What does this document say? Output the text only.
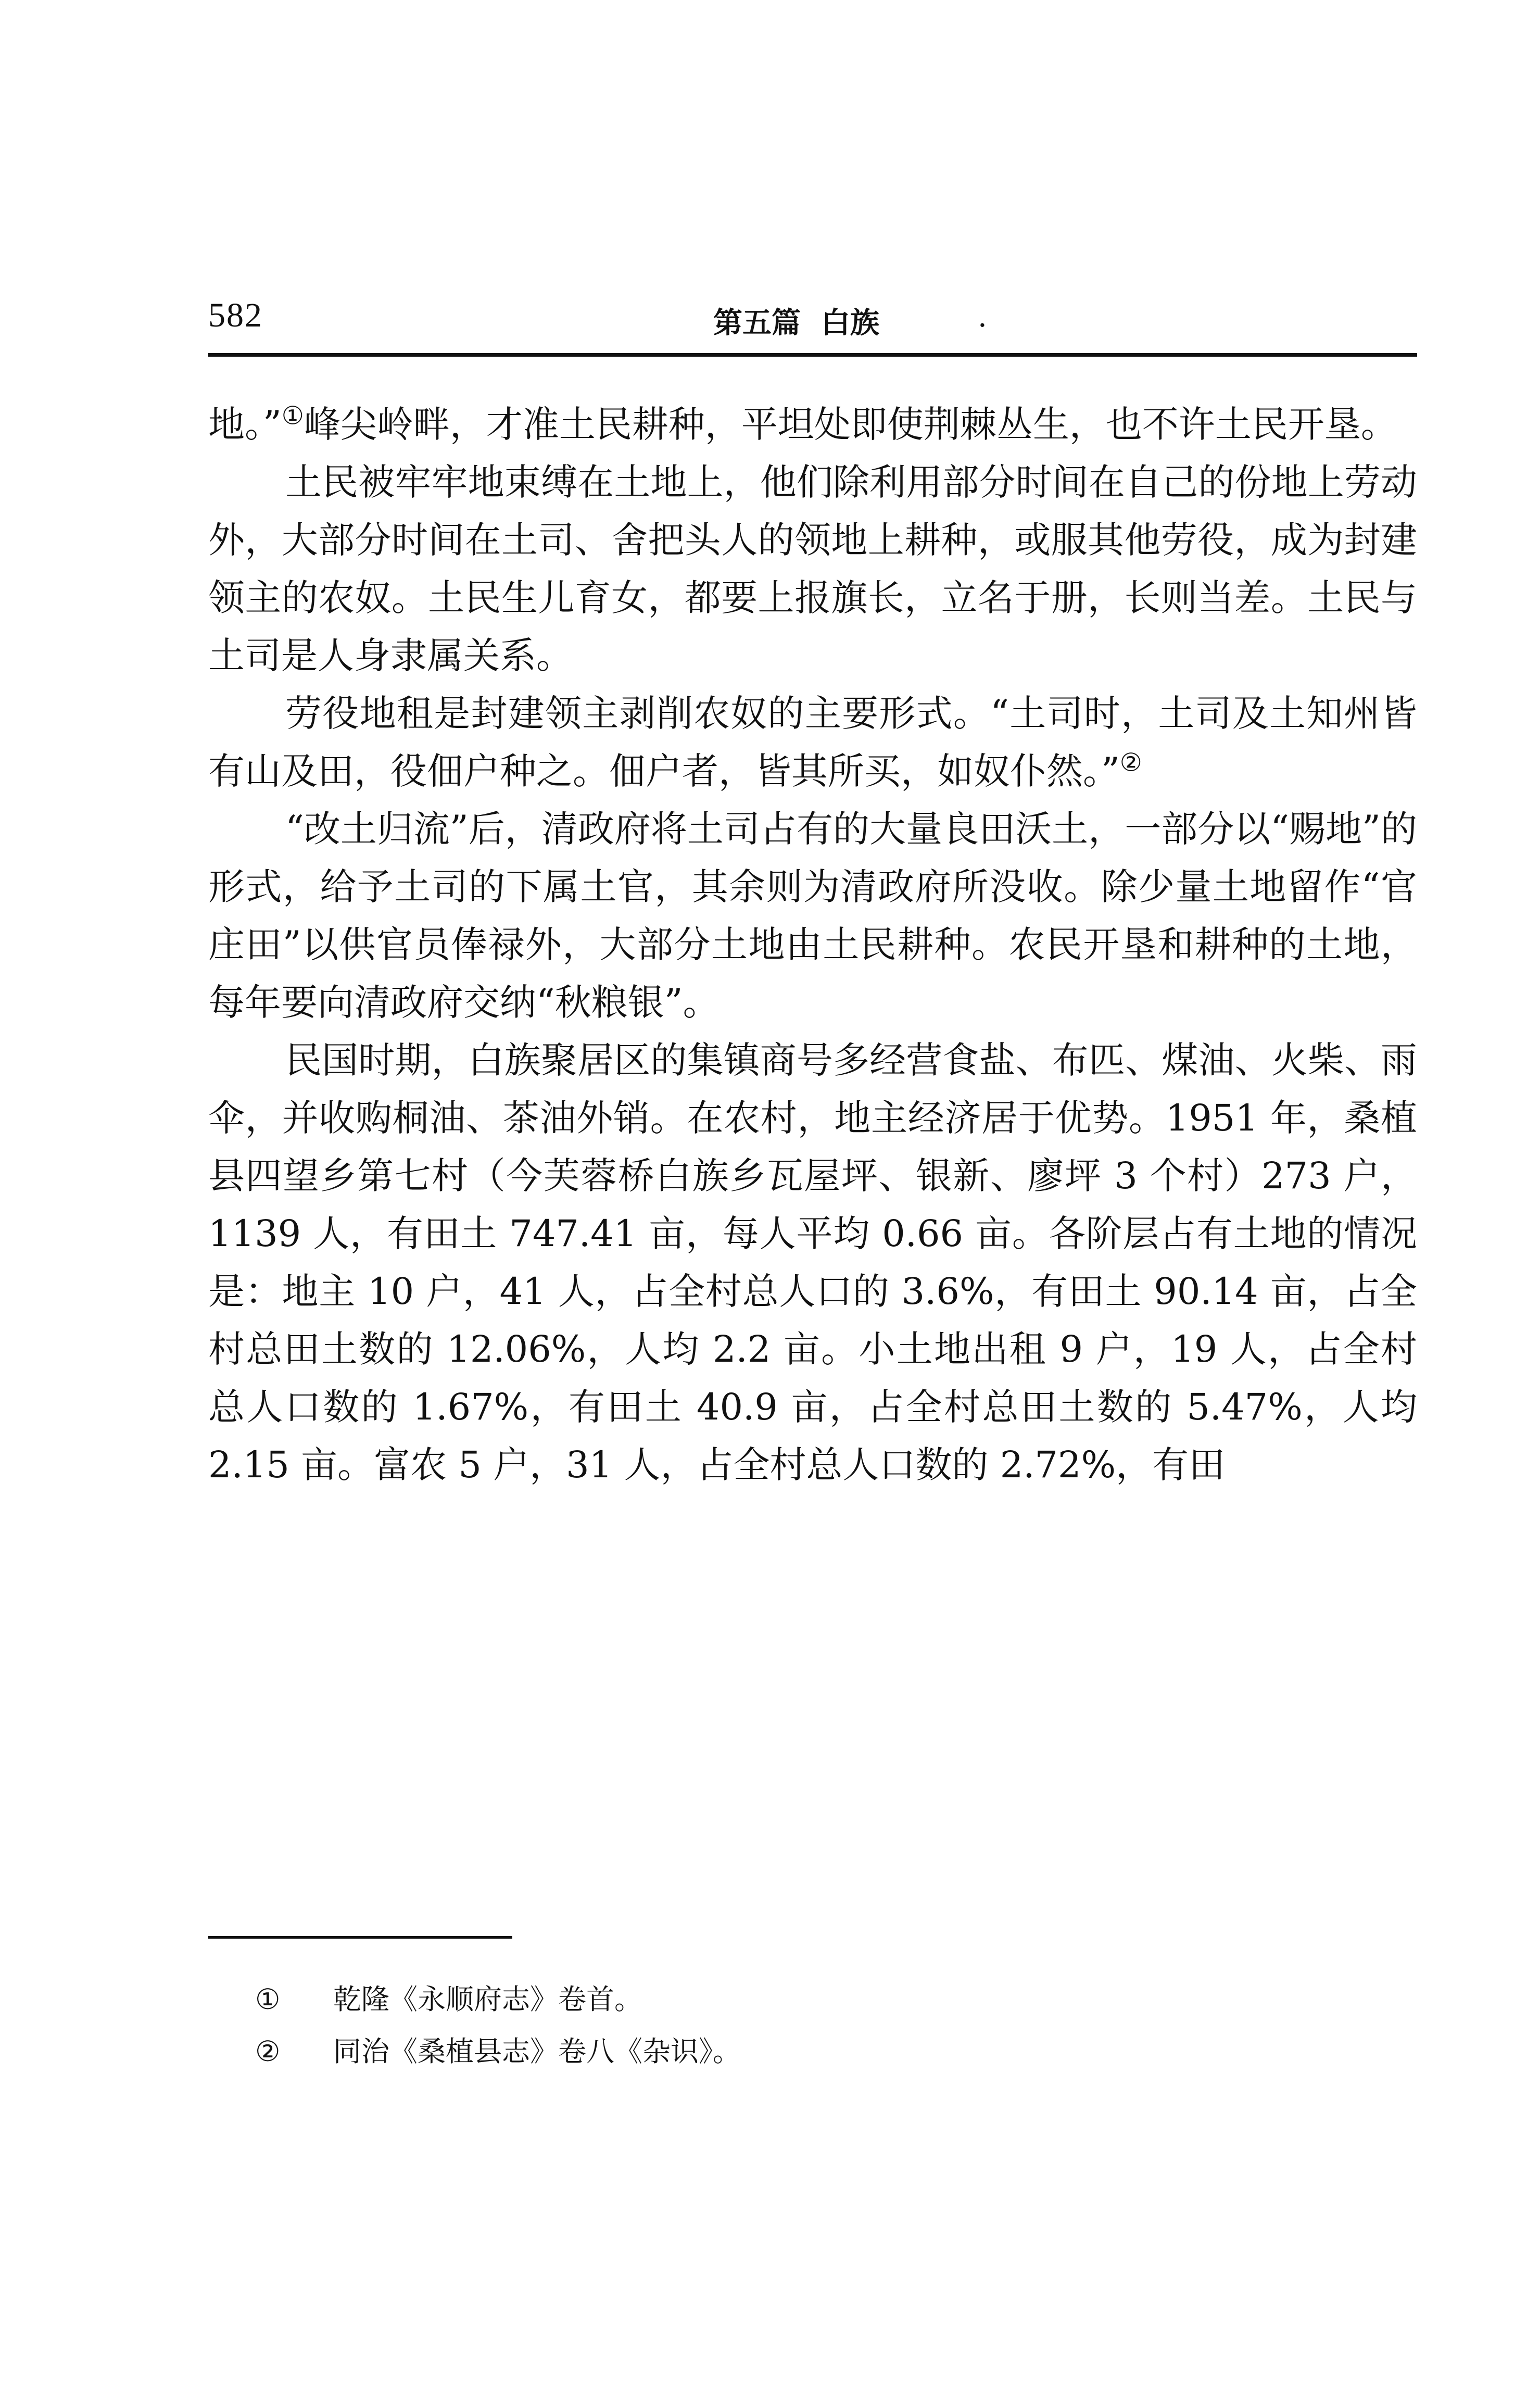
582	第五篇  白族	.

地。”①峰尖岭畔，才准土民耕种，平坦处即使荆棘丛生，也不许土民开垦。

土民被牢牢地束缚在土地上，他们除利用部分时间在自己的份地上劳动外，大部分时间在土司、舍把头人的领地上耕种，或服其他劳役，成为封建领主的农奴。土民生儿育女，都要上报旗长，立名于册，长则当差。土民与土司是人身隶属关系。

劳役地租是封建领主剥削农奴的主要形式。“土司时，土司及土知州皆有山及田，役佃户种之。佃户者，皆其所买，如奴仆然。”②

“改土归流”后，清政府将土司占有的大量良田沃土，一部分以“赐地”的形式，给予土司的下属土官，其余则为清政府所没收。除少量土地留作“官庄田”以供官员俸禄外，大部分土地由土民耕种。农民开垦和耕种的土地，每年要向清政府交纳“秋粮银”。

民国时期，白族聚居区的集镇商号多经营食盐、布匹、煤油、火柴、雨伞，并收购桐油、茶油外销。在农村，地主经济居于优势。1951 年，桑植县四望乡第七村（今芙蓉桥白族乡瓦屋坪、银新、廖坪 3 个村）273 户，1139 人，有田土 747.41 亩，每人平均 0.66 亩。各阶层占有土地的情况是：地主 10 户，41 人，占全村总人口的 3.6%，有田土 90.14 亩，占全村总田土数的 12.06%，人均 2.2 亩。小土地出租 9 户，19 人，占全村总人口数的 1.67%，有田土 40.9 亩，占全村总田土数的 5.47%，人均 2.15 亩。富农 5 户，31 人，占全村总人口数的 2.72%，有田

① 乾隆《永顺府志》卷首。
② 同治《桑植县志》卷八《杂识》。
